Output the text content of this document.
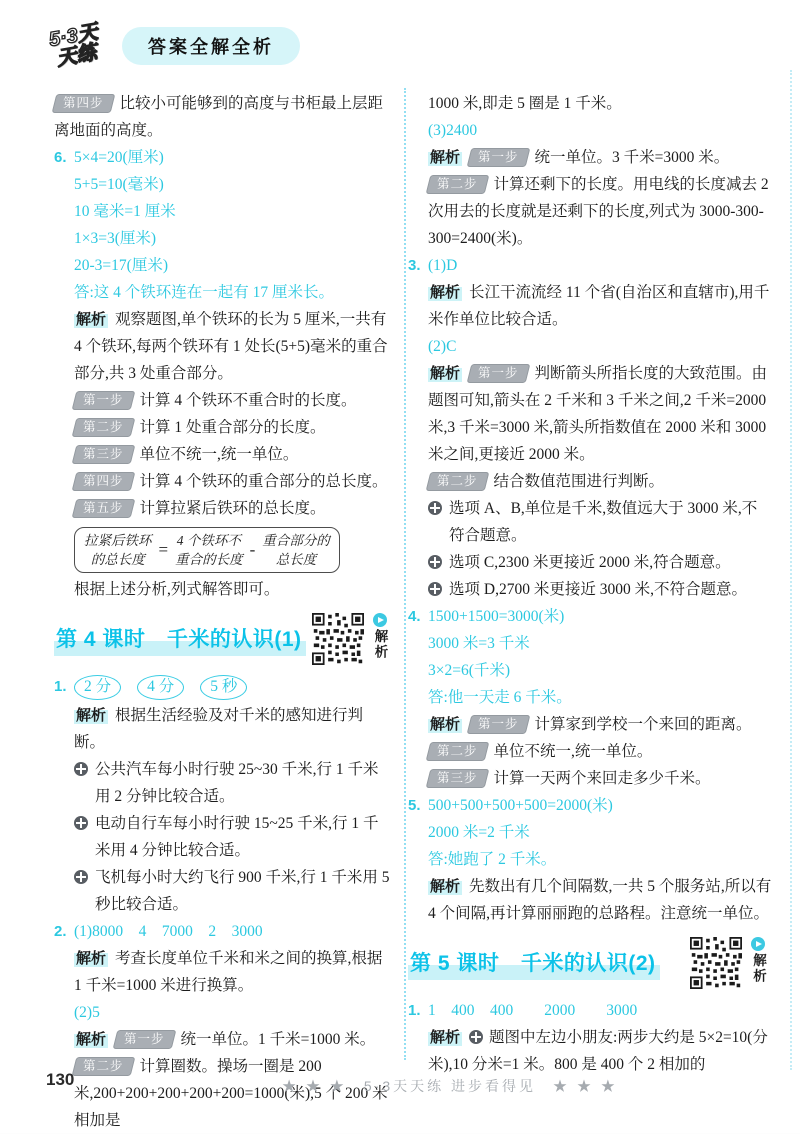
5·3天天练	答案全解全析

第四步 比较小可能够到的高度与书柜最上层距离地面的高度。

6. 5×4=20(厘米)

5+5=10(毫米)

10 毫米=1 厘米

1×3=3(厘米)

20-3=17(厘米)

答:这 4 个铁环连在一起有 17 厘米长。

解析 观察题图,单个铁环的长为 5 厘米,一共有 4 个铁环,每两个铁环有 1 处长(5+5)毫米的重合部分,共 3 处重合部分。

第一步 计算 4 个铁环不重合时的长度。

第二步 计算 1 处重合部分的长度。

第三步 单位不统一,统一单位。

第四步 计算 4 个铁环的重合部分的总长度。

第五步 计算拉紧后铁环的总长度。

拉紧后铁环
的总长度
= 4 个铁环不
重合的长度
- 重合部分的
总长度

根据上述分析,列式解答即可。

第 4 课时　千米的认识(1)	解析
1.	2 分 4 分 5 秒

解析 根据生活经验及对千米的感知进行判断。

公共汽车每小时行驶 25~30 千米,行 1 千米用 2 分钟比较合适。

电动自行车每小时行驶 15~25 千米,行 1 千米用 4 分钟比较合适。

飞机每小时大约飞行 900 千米,行 1 千米用 5 秒比较合适。

2. (1)8000　4　7000　2　3000

解析 考查长度单位千米和米之间的换算,根据 1 千米=1000 米进行换算。

(2)5

解析 第一步 统一单位。1 千米=1000 米。

第二步 计算圈数。操场一圈是 200 米,200+200+200+200+200=1000(米),5 个 200 米相加是

1000 米,即走 5 圈是 1 千米。

(3)2400

解析 第一步 统一单位。3 千米=3000 米。

第二步 计算还剩下的长度。用电线的长度减去 2 次用去的长度就是还剩下的长度,列式为 3000-300-300=2400(米)。

3. (1)D

解析 长江干流流经 11 个省(自治区和直辖市),用千米作单位比较合适。

(2)C

解析 第一步 判断箭头所指长度的大致范围。由题图可知,箭头在 2 千米和 3 千米之间,2 千米=2000 米,3 千米=3000 米,箭头所指数值在 2000 米和 3000 米之间,更接近 2000 米。

第二步 结合数值范围进行判断。

选项 A、B,单位是千米,数值远大于 3000 米,不符合题意。

选项 C,2300 米更接近 2000 米,符合题意。

选项 D,2700 米更接近 3000 米,不符合题意。

4. 1500+1500=3000(米)

3000 米=3 千米

3×2=6(千米)

答:他一天走 6 千米。

解析 第一步 计算家到学校一个来回的距离。

第二步 单位不统一,统一单位。

第三步 计算一天两个来回走多少千米。

5. 500+500+500+500=2000(米)

2000 米=2 千米

答:她跑了 2 千米。

解析 先数出有几个间隔数,一共 5 个服务站,所以有 4 个间隔,再计算丽丽跑的总路程。注意统一单位。

第 5 课时　千米的认识(2)	解析
1. 1　400　400　　2000　　3000

解析 题图中左边小朋友:两步大约是 5×2=10(分米),10 分米=1 米。800 是 400 个 2 相加的

130	★ ★ ★　5·3天天练 进步看得见　★ ★ ★
